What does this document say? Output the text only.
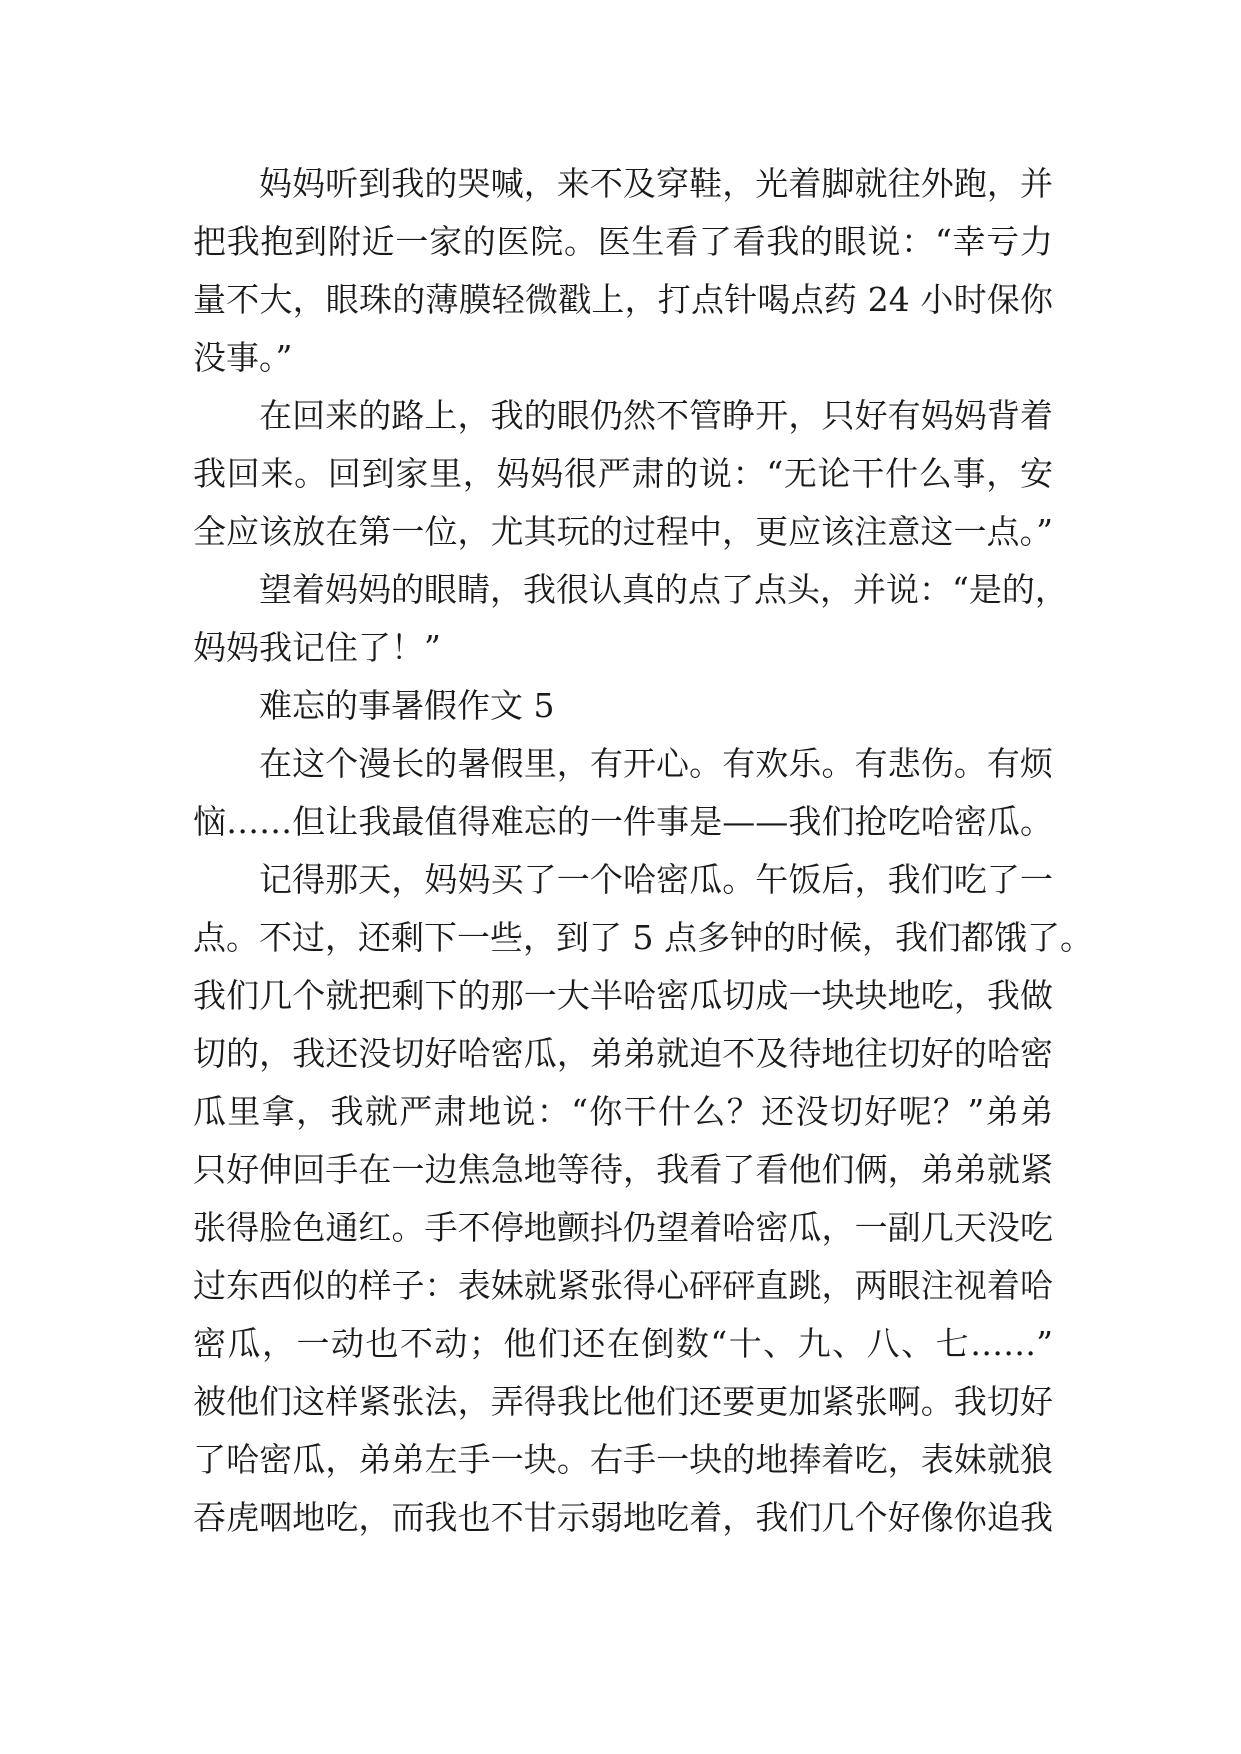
妈妈听到我的哭喊，来不及穿鞋，光着脚就往外跑，并
把我抱到附近一家的医院。医生看了看我的眼说：“幸亏力
量不大，眼珠的薄膜轻微戳上，打点针喝点药 24 小时保你
没事。”
在回来的路上，我的眼仍然不管睁开，只好有妈妈背着
我回来。回到家里，妈妈很严肃的说：“无论干什么事，安
全应该放在第一位，尤其玩的过程中，更应该注意这一点。”
望着妈妈的眼睛，我很认真的点了点头，并说：“是的，
妈妈我记住了！”
难忘的事暑假作文 5
在这个漫长的暑假里，有开心。有欢乐。有悲伤。有烦
恼……但让我最值得难忘的一件事是——我们抢吃哈密瓜。
记得那天，妈妈买了一个哈密瓜。午饭后，我们吃了一
点。不过，还剩下一些，到了 5 点多钟的时候，我们都饿了。
我们几个就把剩下的那一大半哈密瓜切成一块块地吃，我做
切的，我还没切好哈密瓜，弟弟就迫不及待地往切好的哈密
瓜里拿，我就严肃地说：“你干什么？还没切好呢？”弟弟
只好伸回手在一边焦急地等待，我看了看他们俩，弟弟就紧
张得脸色通红。手不停地颤抖仍望着哈密瓜，一副几天没吃
过东西似的样子：表妹就紧张得心砰砰直跳，两眼注视着哈
密瓜，一动也不动；他们还在倒数“十、九、八、七……”
被他们这样紧张法，弄得我比他们还要更加紧张啊。我切好
了哈密瓜，弟弟左手一块。右手一块的地捧着吃，表妹就狼
吞虎咽地吃，而我也不甘示弱地吃着，我们几个好像你追我
